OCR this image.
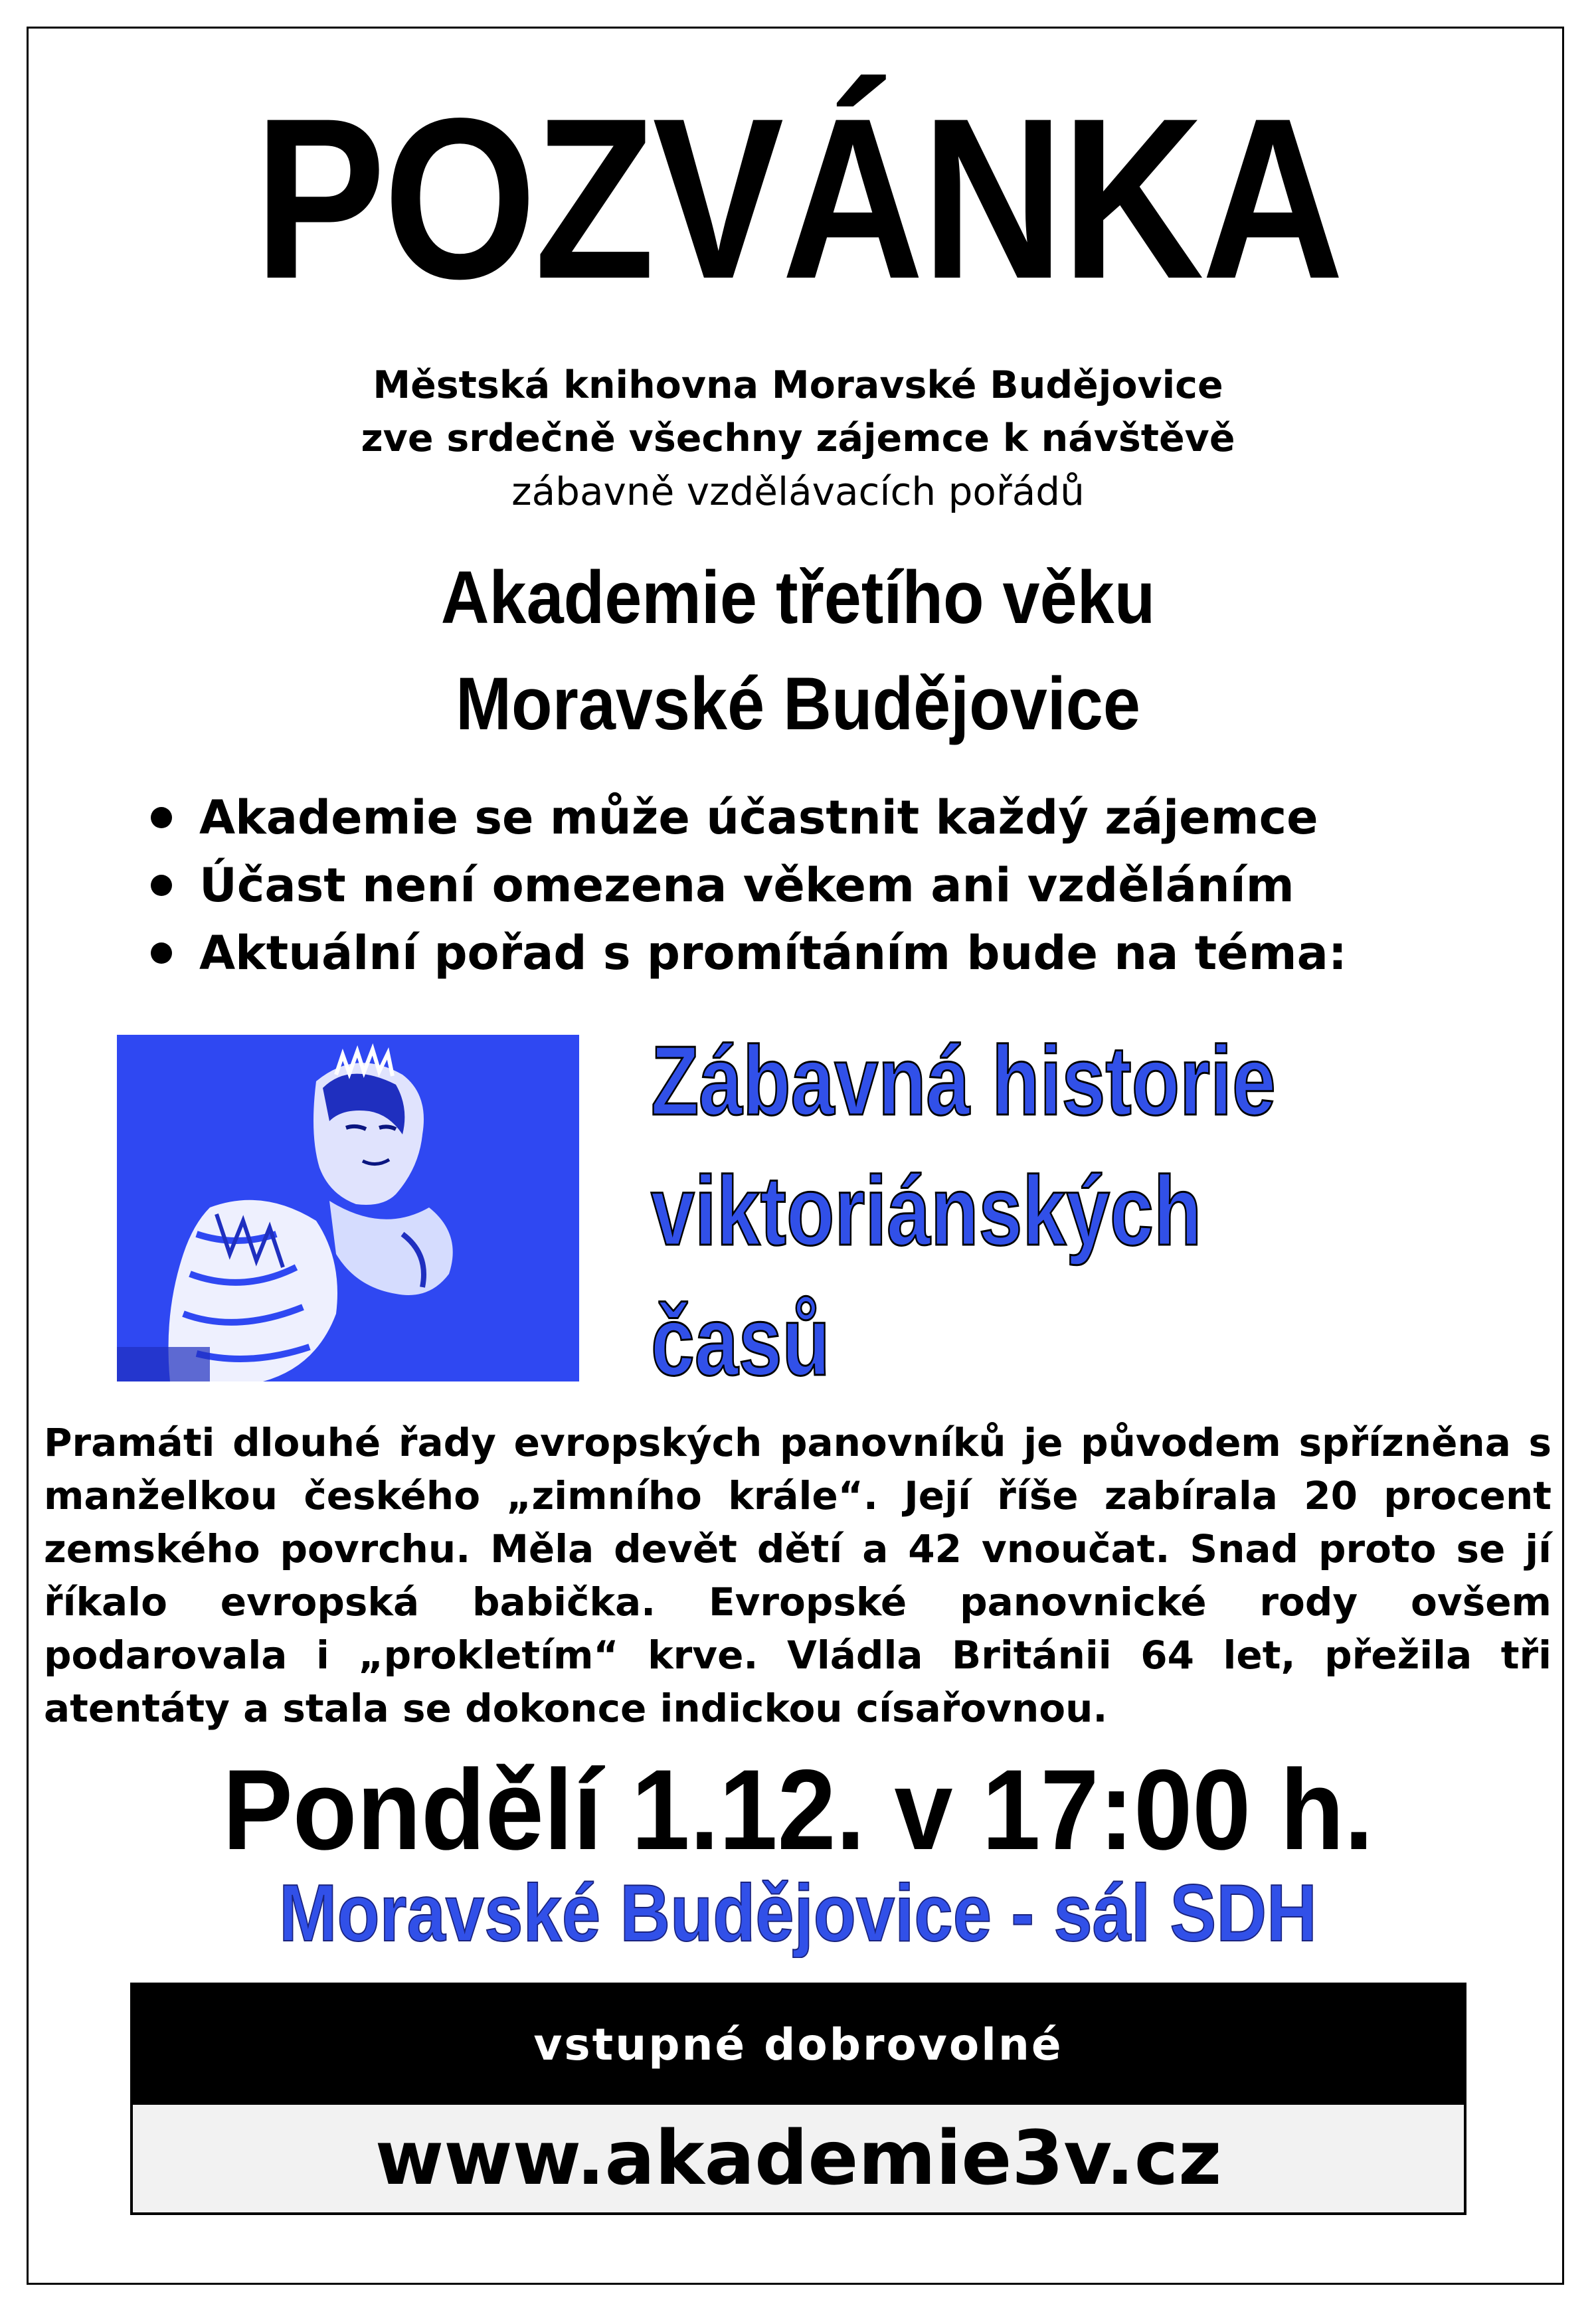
POZVÁNKA
Městská knihovna Moravské Budějovice
zve srdečně všechny zájemce k návštěvě
zábavně vzdělávacích pořádů
Akademie třetího věku
Moravské Budějovice
Akademie se může účastnit každý zájemce
Účast není omezena věkem ani vzděláním
Aktuální pořad s promítáním bude na téma:
Zábavná historie
viktoriánských
časů

Pramáti dlouhé řady evropských panovníků je původem spřízněna s manželkou českého „zimního krále“. Její říše zabírala 20 procent zemského povrchu. Měla devět dětí a 42 vnoučat. Snad proto se jí říkalo evropská babička. Evropské panovnické rody ovšem podarovala i „prokletím“ krve. Vládla Británii 64 let, přežila tři atentáty a stala se dokonce indickou císařovnou.

Pondělí 1.12. v 17:00 h.
Moravské Budějovice - sál SDH
vstupné dobrovolné
www.akademie3v.cz
